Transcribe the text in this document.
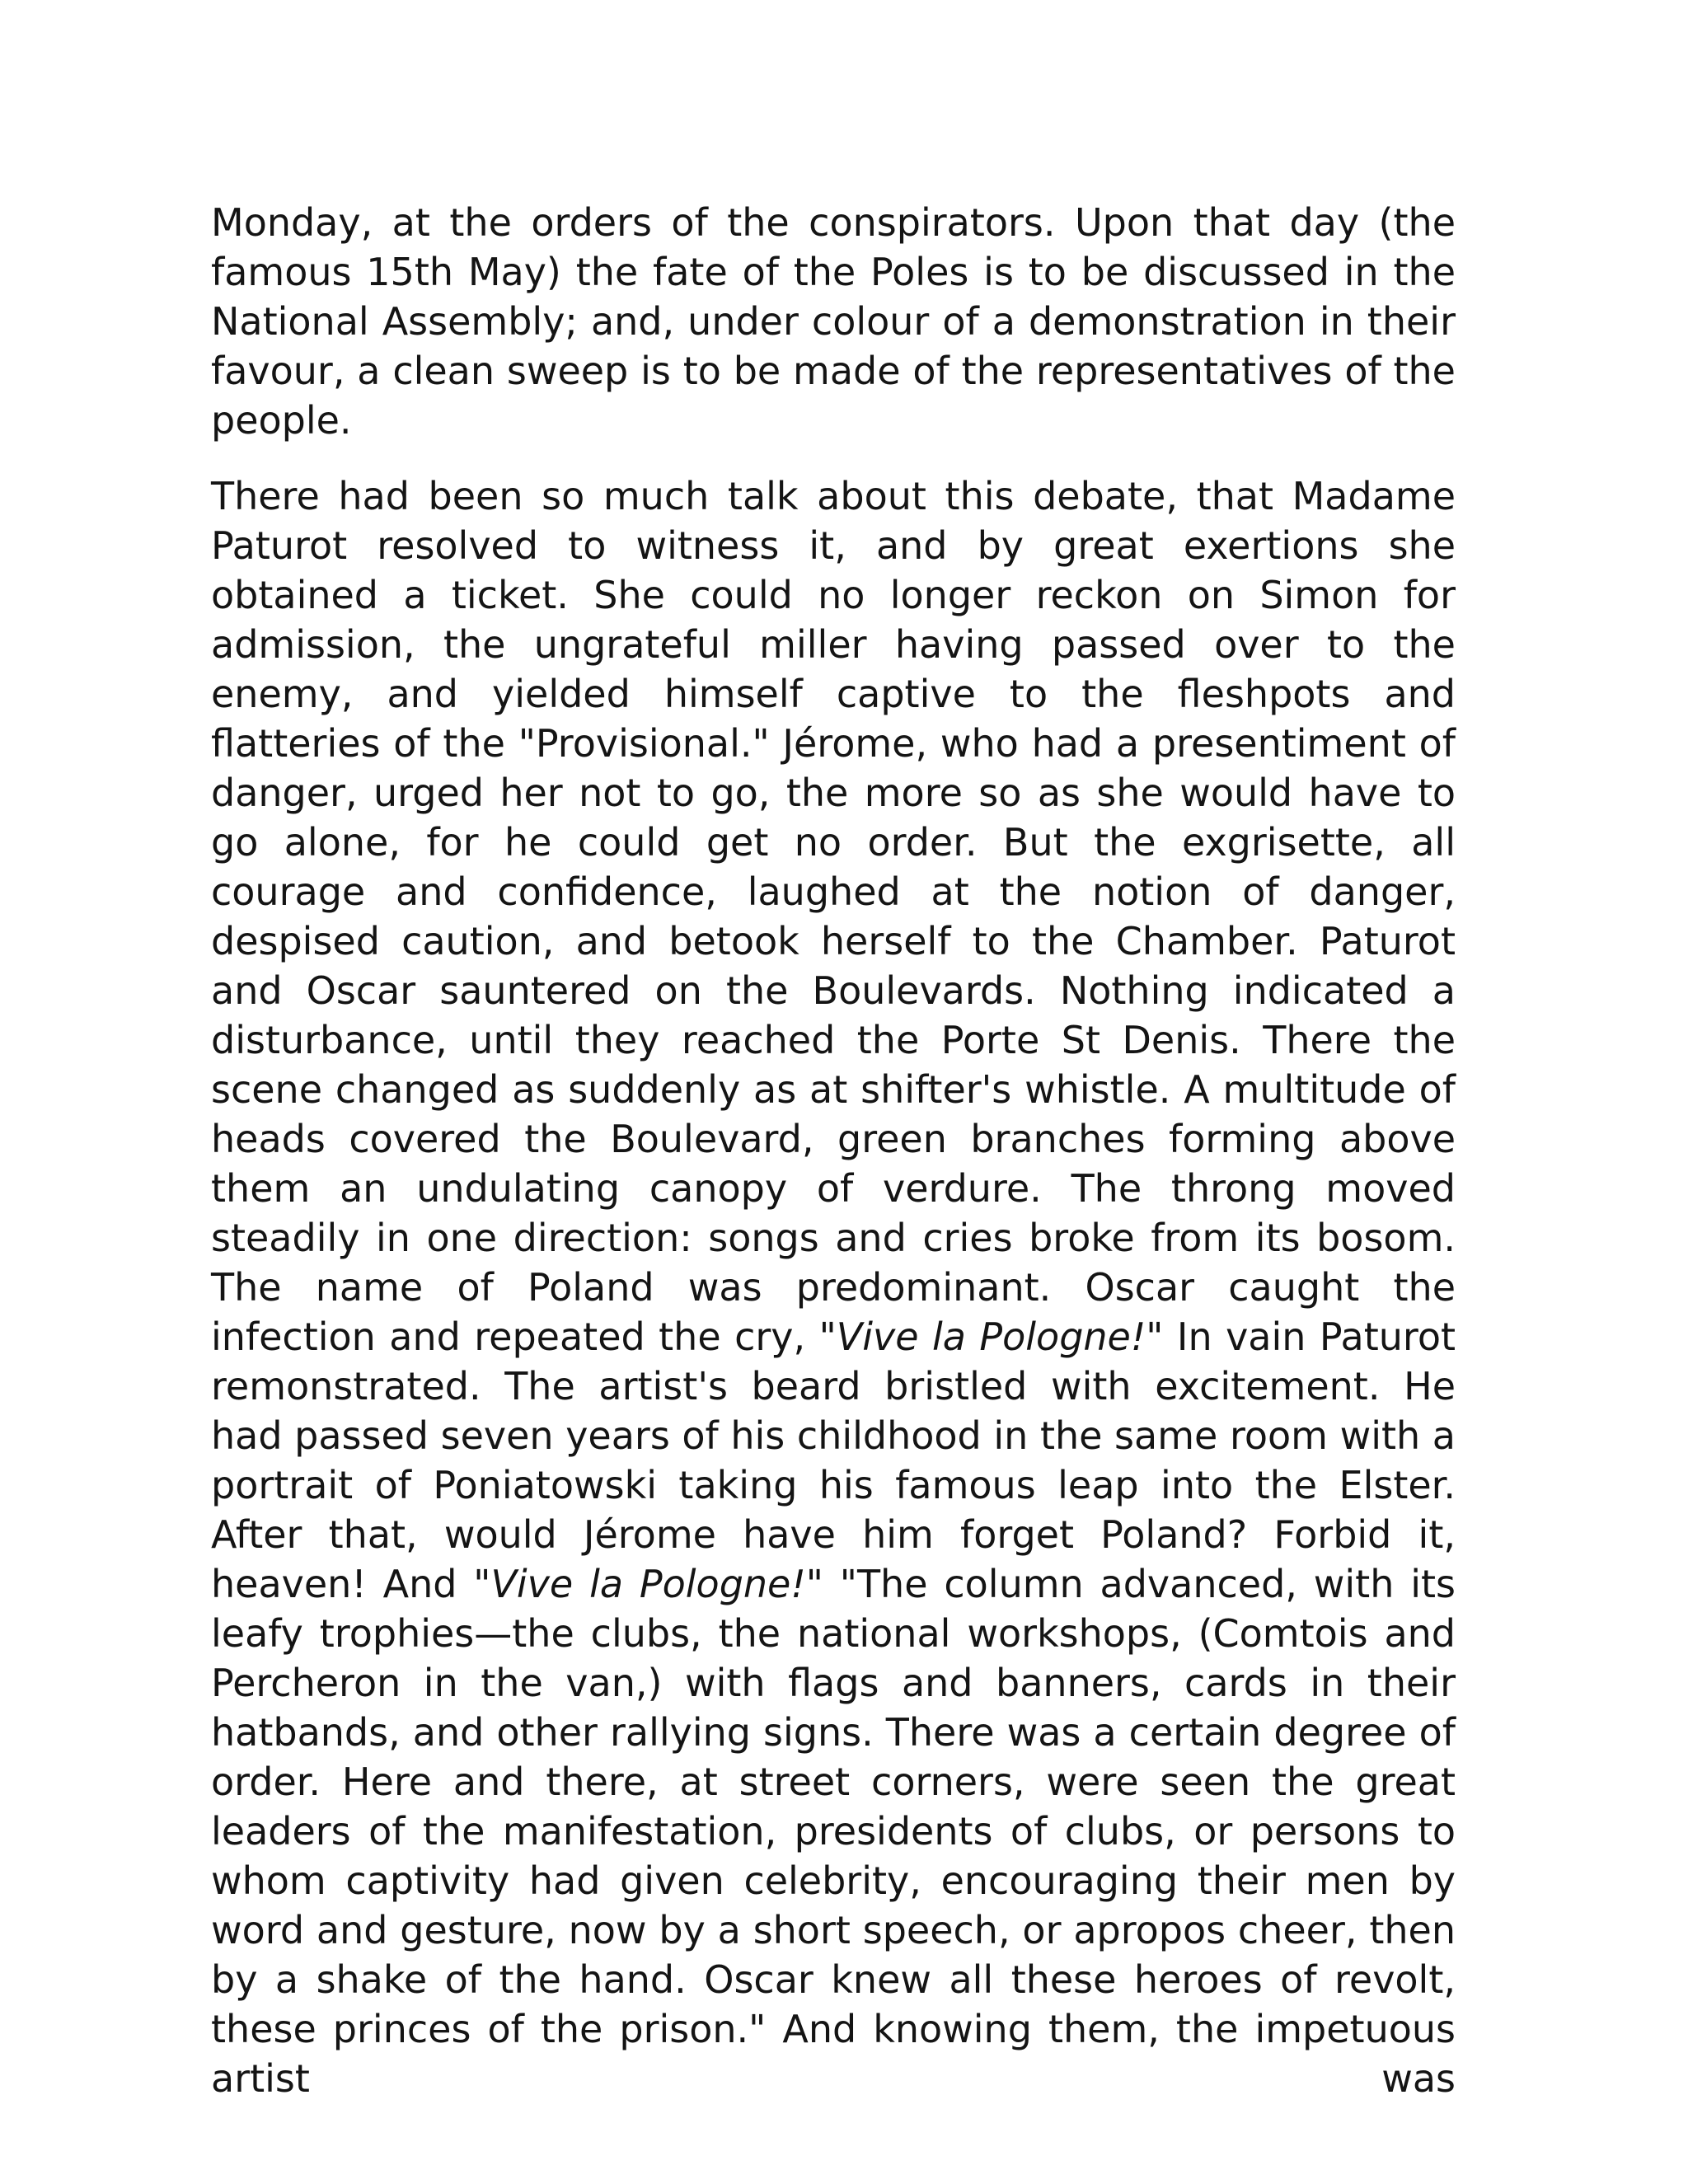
Monday, at the orders of the conspirators. Upon that day (the famous 15th May) the fate of the Poles is to be discussed in the National Assembly; and, under colour of a demonstration in their favour, a clean sweep is to be made of the representatives of the people.

There had been so much talk about this debate, that Madame Paturot resolved to witness it, and by great exertions she obtained a ticket. She could no longer reckon on Simon for admission, the ungrateful miller having passed over to the enemy, and yielded himself captive to the fleshpots and flatteries of the "Provisional." Jérome, who had a presentiment of danger, urged her not to go, the more so as she would have to go alone, for he could get no order. But the exgrisette, all courage and confidence, laughed at the notion of danger, despised caution, and betook herself to the Chamber. Paturot and Oscar sauntered on the Boulevards. Nothing indicated a disturbance, until they reached the Porte St Denis. There the scene changed as suddenly as at shifter's whistle. A multitude of heads covered the Boulevard, green branches forming above them an undulating canopy of verdure. The throng moved steadily in one direction: songs and cries broke from its bosom. The name of Poland was predominant. Oscar caught the infection and repeated the cry, "Vive la Pologne!" In vain Paturot remonstrated. The artist's beard bristled with excitement. He had passed seven years of his childhood in the same room with a portrait of Poniatowski taking his famous leap into the Elster. After that, would Jérome have him forget Poland? Forbid it, heaven! And "Vive la Pologne!" "The column advanced, with its leafy trophies—the clubs, the national workshops, (Comtois and Percheron in the van,) with flags and banners, cards in their hatbands, and other rallying signs. There was a certain degree of order. Here and there, at street corners, were seen the great leaders of the manifestation, presidents of clubs, or persons to whom captivity had given celebrity, encouraging their men by word and gesture, now by a short speech, or apropos cheer, then by a shake of the hand. Oscar knew all these heroes of revolt, these princes of the prison." And knowing them, the impetuous artist was
